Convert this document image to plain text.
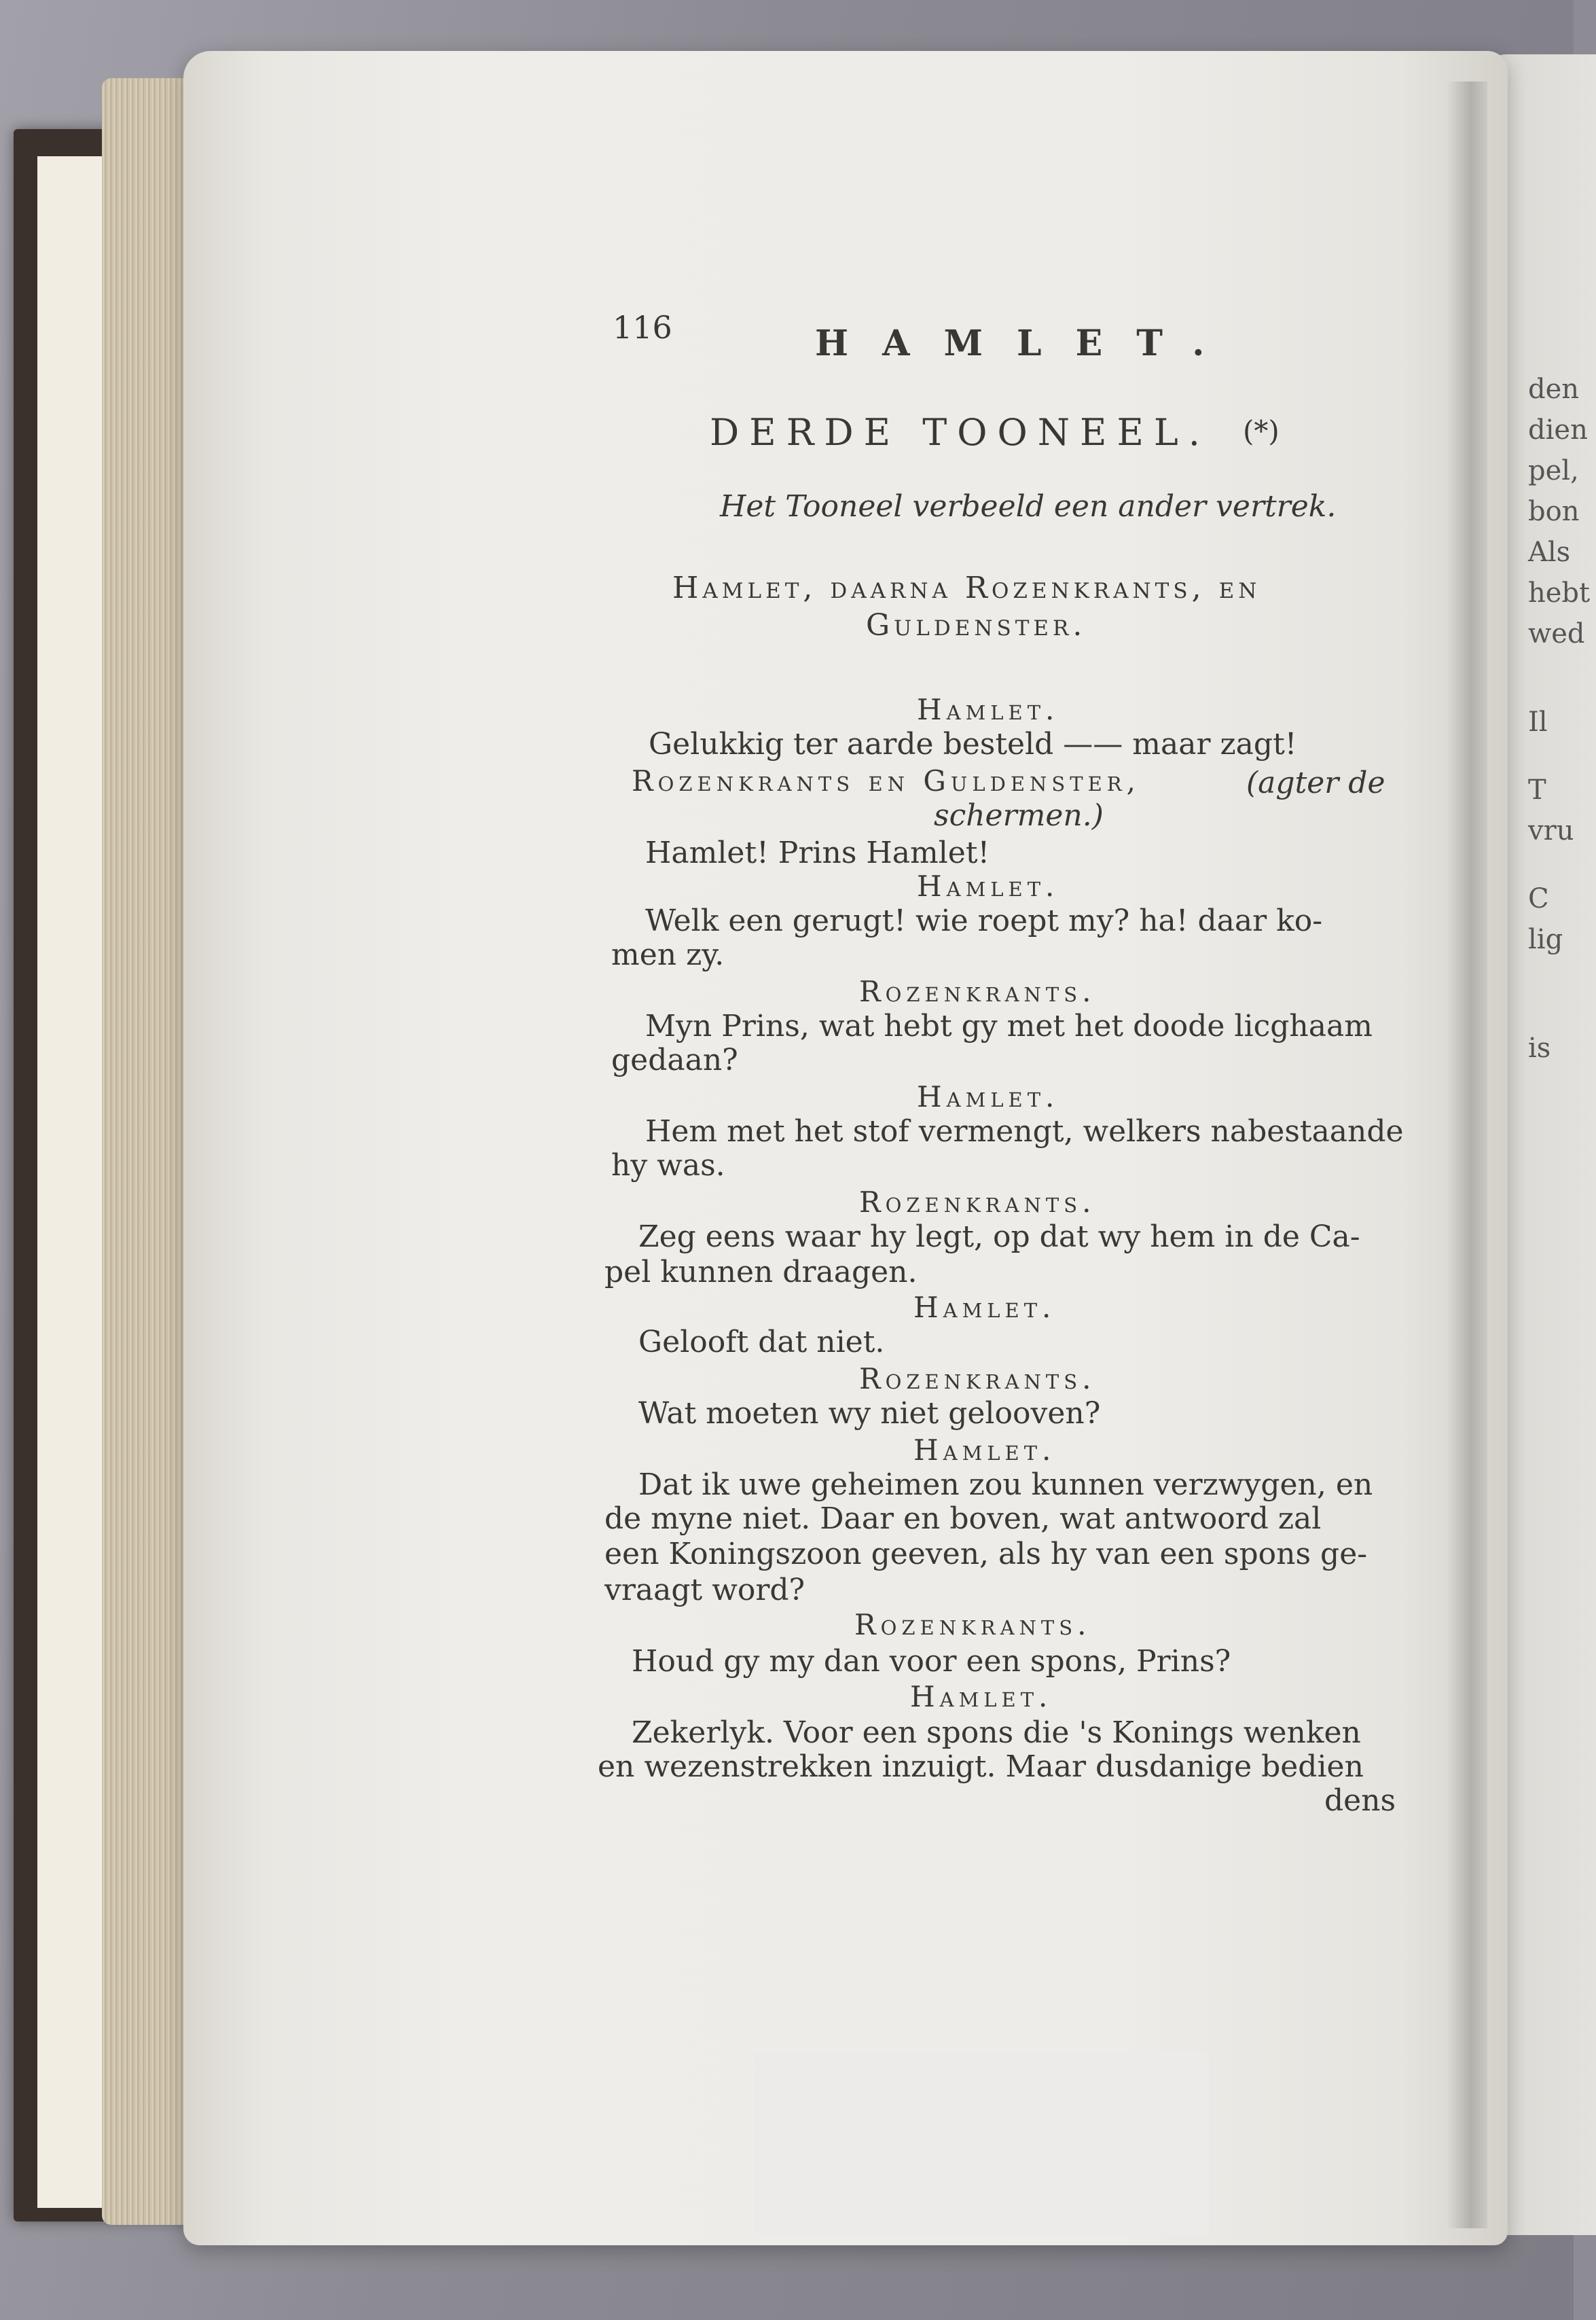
den
dien
pel,
bon
Als
hebt
wed
Il
T
vru
C
lig
is
116	HAMLET.
DERDE TOONEEL. (*)
Het Tooneel verbeeld een ander vertrek.
Hamlet, daarna Rozenkrants, en
Guldenster.
Hamlet.
Gelukkig ter aarde besteld —— maar zagt!
Rozenkrants en Guldenster,	(agter de
schermen.)
Hamlet! Prins Hamlet!
Hamlet.
Welk een gerugt! wie roept my? ha! daar ko-
men zy.
Rozenkrants.
Myn Prins, wat hebt gy met het doode licghaam
gedaan?
Hamlet.
Hem met het stof vermengt, welkers nabestaande
hy was.
Rozenkrants.
Zeg eens waar hy legt, op dat wy hem in de Ca-
pel kunnen draagen.
Hamlet.
Gelooft dat niet.
Rozenkrants.
Wat moeten wy niet gelooven?
Hamlet.
Dat ik uwe geheimen zou kunnen verzwygen, en
de myne niet. Daar en boven, wat antwoord zal
een Koningszoon geeven, als hy van een spons ge-
vraagt word?
Rozenkrants.
Houd gy my dan voor een spons, Prins?
Hamlet.
Zekerlyk. Voor een spons die 's Konings wenken
en wezenstrekken inzuigt. Maar dusdanige bedien
dens
